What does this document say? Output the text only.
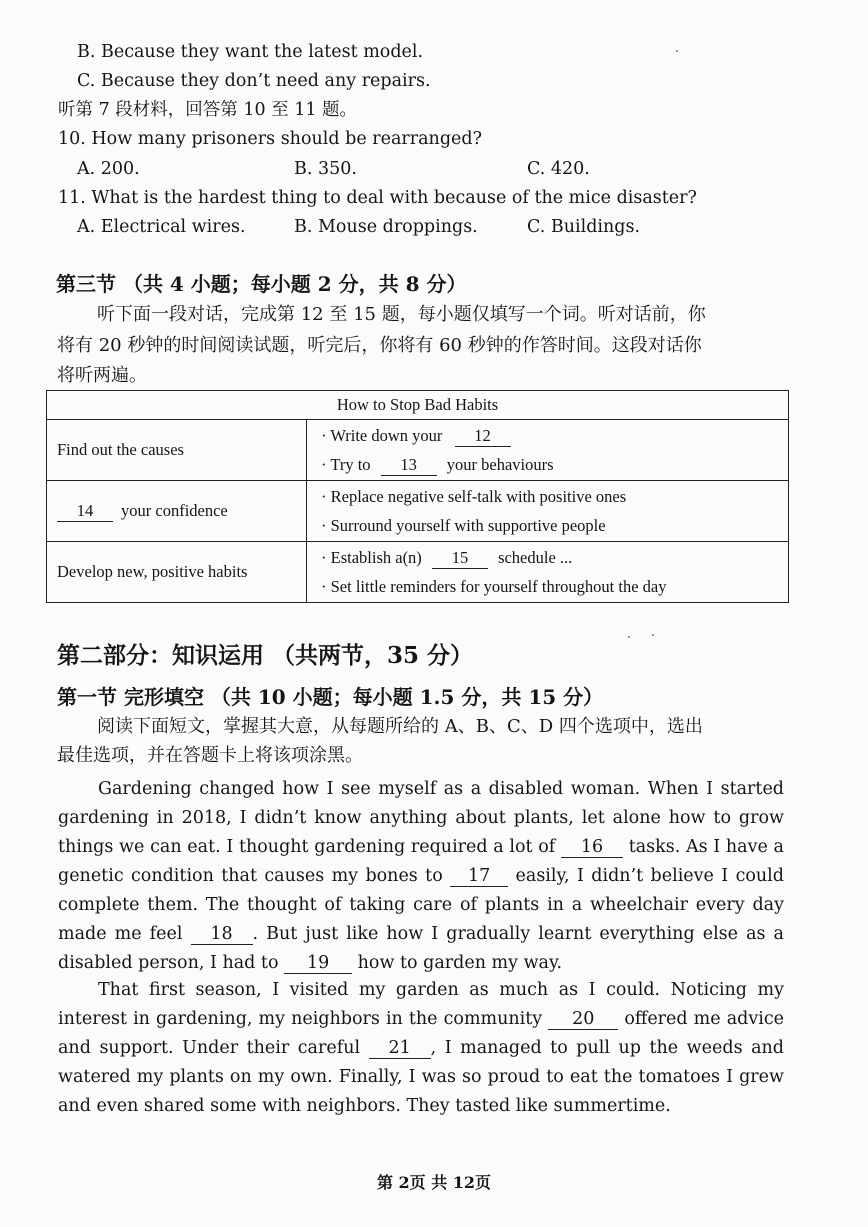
B. Because they want the latest model.
C. Because they don’t need any repairs.
听第 7 段材料，回答第 10 至 11 题。
10. How many prisoners should be rearranged?
A. 200.	B. 350.	C. 420.
11. What is the hardest thing to deal with because of the mice disaster?
A. Electrical wires.	B. Mouse droppings.	C. Buildings.
第三节 （共 4 小题；每小题 2 分，共 8 分）
听下面一段对话，完成第 12 至 15 题，每小题仅填写一个词。听对话前，你
将有 20 秒钟的时间阅读试题，听完后，你将有 60 秒钟的作答时间。这段对话你
将听两遍。
How to Stop Bad Habits	
Find out the causes	· Write down your 12
· Try to 13 your behaviours

14 your confidence	· Replace negative self-talk with positive ones
· Surround yourself with supportive people

Develop new, positive habits	· Establish a(n) 15 schedule ...
· Set little reminders for yourself throughout the day
第二部分：知识运用 （共两节，35 分）
第一节 完形填空 （共 10 小题；每小题 1.5 分，共 15 分）
阅读下面短文，掌握其大意，从每题所给的 A、B、C、D 四个选项中，选出
最佳选项，并在答题卡上将该项涂黑。
Gardening changed how I see myself as a disabled woman. When I started gardening in 2018, I didn’t know anything about plants, let alone how to grow things we can eat. I thought gardening required a lot of 16 tasks. As I have a genetic condition that causes my bones to 17 easily, I didn’t believe I could complete them. The thought of taking care of plants in a wheelchair every day made me feel 18 . But just like how I gradually learnt everything else as a disabled person, I had to 19 how to garden my way.
That first season, I visited my garden as much as I could. Noticing my interest in gardening, my neighbors in the community 20 offered me advice and support. Under their careful 21 , I managed to pull up the weeds and watered my plants on my own. Finally, I was so proud to eat the tomatoes I grew and even shared some with neighbors. They tasted like summertime.
第 2页 共 12页
